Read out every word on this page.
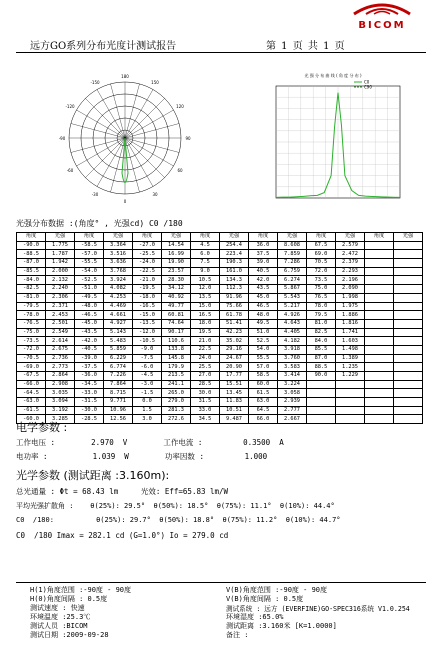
BICOM
远方GO系列分布光度计测试报告	第 1 页 共 1 页
180
-150	150
-120	120
-90	90
-60	60
-30	30
0
光 强 分 布 曲 线 ( 角 度 分 布 )
C0
C90
光强分布数据 :(角度° , 光强cd) C0 /180
角度	光强	角度	光强	角度	光强	角度	光强	角度	光强	角度	光强	角度	光强
-90.0	1.775	-58.5	3.364	-27.0	14.54	4.5	254.4	36.0	8.608	67.5	2.579		
-88.5	1.787	-57.0	3.516	-25.5	16.99	6.0	223.4	37.5	7.859	69.0	2.472		
-87.0	1.942	-55.5	3.636	-24.0	19.90	7.5	190.3	39.0	7.286	70.5	2.379		
-85.5	2.000	-54.0	3.768	-22.5	23.57	9.0	161.0	40.5	6.759	72.0	2.293		
-84.0	2.132	-52.5	3.924	-21.0	28.30	10.5	134.3	42.0	6.274	73.5	2.196		
-82.5	2.240	-51.0	4.082	-19.5	34.12	12.0	112.3	43.5	5.867	75.0	2.090		
-81.0	2.306	-49.5	4.253	-18.0	40.92	13.5	91.96	45.0	5.543	76.5	1.998		
-79.5	2.371	-48.0	4.469	-16.5	49.77	15.0	75.66	46.5	5.217	78.0	1.975		
-78.0	2.453	-46.5	4.661	-15.0	60.81	16.5	61.78	48.0	4.926	79.5	1.886		
-76.5	2.501	-45.0	4.927	-13.5	74.64	18.0	51.41	49.5	4.643	81.0	1.816		
-75.0	2.549	-43.5	5.143	-12.0	90.17	19.5	42.23	51.0	4.405	82.5	1.741		
-73.5	2.614	-42.0	5.483	-10.5	110.6	21.0	35.02	52.5	4.182	84.0	1.603		
-72.0	2.675	-40.5	5.859	-9.0	133.8	22.5	29.16	54.0	3.918	85.5	1.498		
-70.5	2.736	-39.0	6.229	-7.5	145.8	24.0	24.67	55.5	3.760	87.0	1.389		
-69.0	2.773	-37.5	6.774	-6.0	179.9	25.5	20.90	57.0	3.583	88.5	1.235		
-67.5	2.864	-36.0	7.226	-4.5	213.5	27.0	17.77	58.5	3.414	90.0	1.229		
-66.0	2.908	-34.5	7.864	-3.0	241.1	28.5	15.51	60.0	3.224				
-64.5	3.035	-33.0	8.715	-1.5	265.0	30.0	13.45	61.5	3.058				
-63.0	3.094	-31.5	9.771	0.0	279.0	31.5	11.83	63.0	2.939				
-61.5	3.192	-30.0	10.96	1.5	281.3	33.0	10.51	64.5	2.777				
-60.0	3.285	-28.5	12.56	3.0	272.6	34.5	9.487	66.0	2.667				
电学参数 :
工作电压 :        2.970  V        工作电流 :         0.3500  A
电功率 :          1.039  W        功率因数 :         1.000
光学参数 (测试距离 :3.160m):
总光通量 : Φt = 68.43 lm     光效: Eff=65.83 lm/W
平均光强扩散角 :    θ(25%): 29.5°  θ(50%): 18.5°  θ(75%): 11.1°  θ(10%): 44.4°
C0  /180:          θ(25%): 29.7°  θ(50%): 18.8°  θ(75%): 11.2°  θ(10%): 44.7°
C0  /180 Imax = 282.1 cd (G=1.0°) Io = 279.0 cd
H(1)角度范围 :-90度 - 90度	V(B)角度范围 :-90度 - 90度
H(0)角度间隔 : 0.5度	V(B)角度间隔 : 0.5度
测试速度 : 快速	测试系统 : 远方 (EVERFINE)GO-SPEC316系统 V1.0.254
环境温度 :25.3℃	环境湿度 :65.0%
测试人员 :BICOM	测试距离 :3.160米 [K=1.0000]
测试日期 :2009-09-28	备注 :
